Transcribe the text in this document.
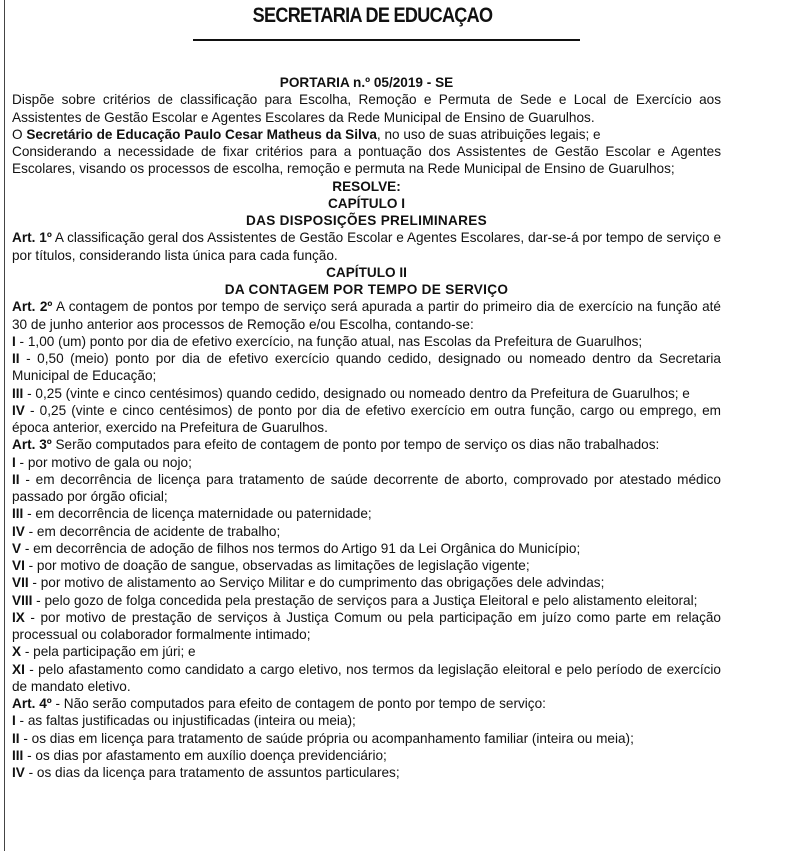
SECRETARIA DE EDUCAÇAO

PORTARIA n.º 05/2019 - SE

Dispõe sobre critérios de classificação para Escolha, Remoção e Permuta de Sede e Local de Exercício aos Assistentes de Gestão Escolar e Agentes Escolares da Rede Municipal de Ensino de Guarulhos.

O Secretário de Educação Paulo Cesar Matheus da Silva, no uso de suas atribuições legais; e

Considerando a necessidade de fixar critérios para a pontuação dos Assistentes de Gestão Escolar e Agentes Escolares, visando os processos de escolha, remoção e permuta na Rede Municipal de Ensino de Guarulhos;

RESOLVE:

CAPÍTULO I

DAS DISPOSIÇÕES PRELIMINARES

Art. 1º A classificação geral dos Assistentes de Gestão Escolar e Agentes Escolares, dar-se-á por tempo de serviço e por títulos, considerando lista única para cada função.

CAPÍTULO II

DA CONTAGEM POR TEMPO DE SERVIÇO

Art. 2º A contagem de pontos por tempo de serviço será apurada a partir do primeiro dia de exercício na função até 30 de junho anterior aos processos de Remoção e/ou Escolha, contando-se:

I - 1,00 (um) ponto por dia de efetivo exercício, na função atual, nas Escolas da Prefeitura de Guarulhos;

II - 0,50 (meio) ponto por dia de efetivo exercício quando cedido, designado ou nomeado dentro da Secretaria Municipal de Educação;

III - 0,25 (vinte e cinco centésimos) quando cedido, designado ou nomeado dentro da Prefeitura de Guarulhos; e

IV - 0,25 (vinte e cinco centésimos) de ponto por dia de efetivo exercício em outra função, cargo ou emprego, em época anterior, exercido na Prefeitura de Guarulhos.

Art. 3º Serão computados para efeito de contagem de ponto por tempo de serviço os dias não trabalhados:

I - por motivo de gala ou nojo;

II - em decorrência de licença para tratamento de saúde decorrente de aborto, comprovado por atestado médico passado por órgão oficial;

III - em decorrência de licença maternidade ou paternidade;

IV - em decorrência de acidente de trabalho;

V - em decorrência de adoção de filhos nos termos do Artigo 91 da Lei Orgânica do Município;

VI - por motivo de doação de sangue, observadas as limitações de legislação vigente;

VII - por motivo de alistamento ao Serviço Militar e do cumprimento das obrigações dele advindas;

VIII - pelo gozo de folga concedida pela prestação de serviços para a Justiça Eleitoral e pelo alistamento eleitoral;

IX - por motivo de prestação de serviços à Justiça Comum ou pela participação em juízo como parte em relação processual ou colaborador formalmente intimado;

X - pela participação em júri; e

XI - pelo afastamento como candidato a cargo eletivo, nos termos da legislação eleitoral e pelo período de exercício de mandato eletivo.

Art. 4º - Não serão computados para efeito de contagem de ponto por tempo de serviço:

I - as faltas justificadas ou injustificadas (inteira ou meia);

II - os dias em licença para tratamento de saúde própria ou acompanhamento familiar (inteira ou meia);

III - os dias por afastamento em auxílio doença previdenciário;

IV - os dias da licença para tratamento de assuntos particulares;
